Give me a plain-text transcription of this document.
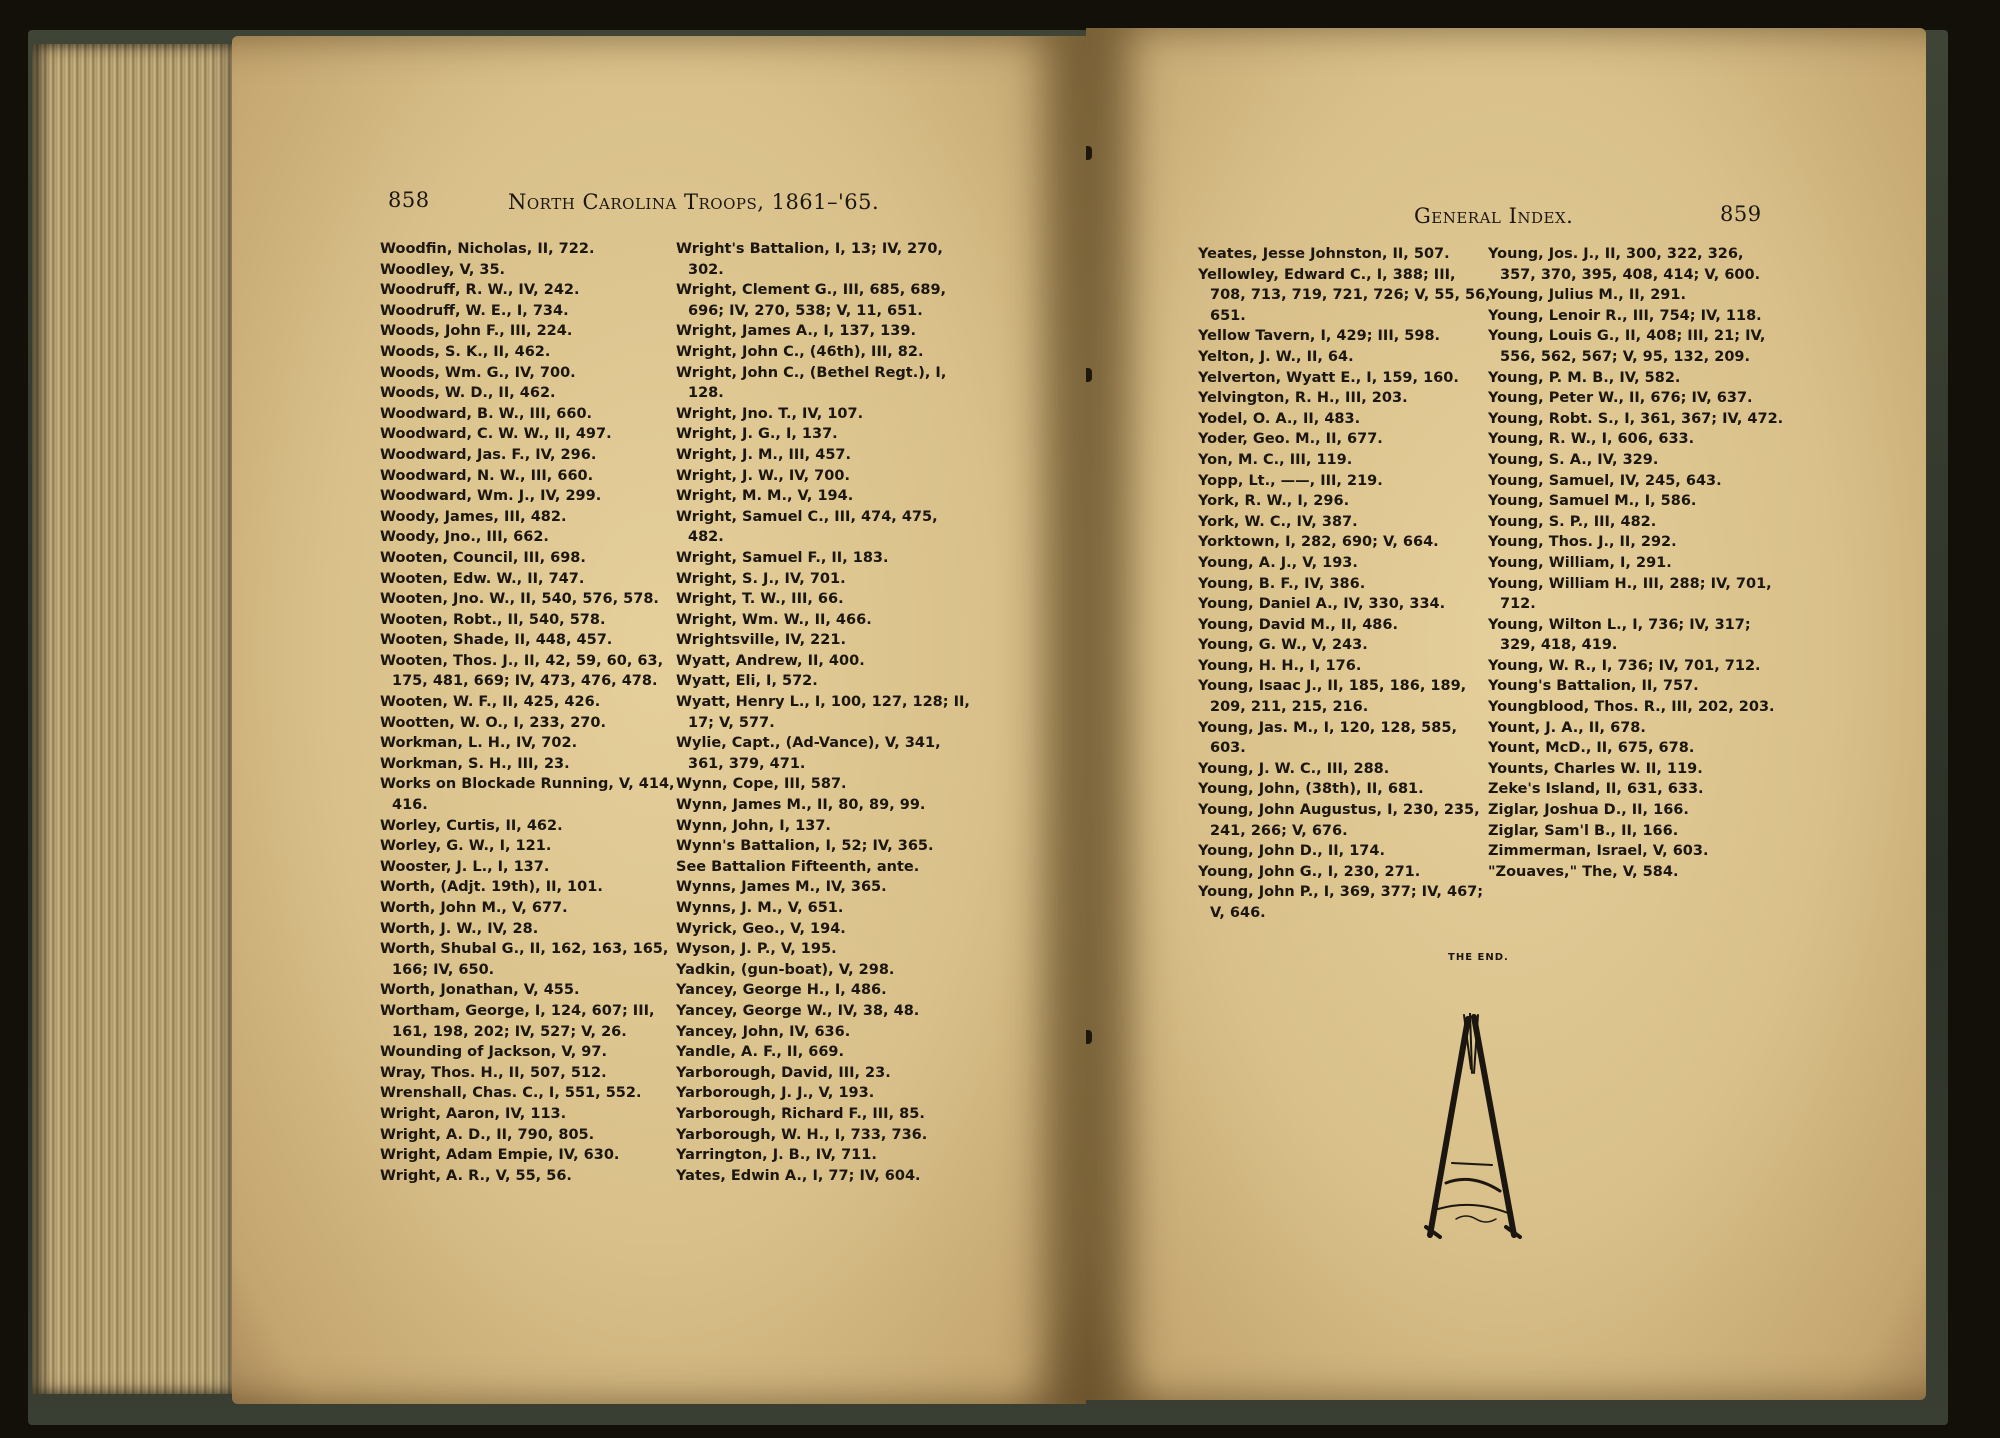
858	North Carolina Troops, 1861–'65.
Woodfin, Nicholas, II, 722.
Woodley, V, 35.
Woodruff, R. W., IV, 242.
Woodruff, W. E., I, 734.
Woods, John F., III, 224.
Woods, S. K., II, 462.
Woods, Wm. G., IV, 700.
Woods, W. D., II, 462.
Woodward, B. W., III, 660.
Woodward, C. W. W., II, 497.
Woodward, Jas. F., IV, 296.
Woodward, N. W., III, 660.
Woodward, Wm. J., IV, 299.
Woody, James, III, 482.
Woody, Jno., III, 662.
Wooten, Council, III, 698.
Wooten, Edw. W., II, 747.
Wooten, Jno. W., II, 540, 576, 578.
Wooten, Robt., II, 540, 578.
Wooten, Shade, II, 448, 457.
Wooten, Thos. J., II, 42, 59, 60, 63, 175, 481, 669; IV, 473, 476, 478.
Wooten, W. F., II, 425, 426.
Wootten, W. O., I, 233, 270.
Workman, L. H., IV, 702.
Workman, S. H., III, 23.
Works on Blockade Running, V, 414, 416.
Worley, Curtis, II, 462.
Worley, G. W., I, 121.
Wooster, J. L., I, 137.
Worth, (Adjt. 19th), II, 101.
Worth, John M., V, 677.
Worth, J. W., IV, 28.
Worth, Shubal G., II, 162, 163, 165, 166; IV, 650.
Worth, Jonathan, V, 455.
Wortham, George, I, 124, 607; III, 161, 198, 202; IV, 527; V, 26.
Wounding of Jackson, V, 97.
Wray, Thos. H., II, 507, 512.
Wrenshall, Chas. C., I, 551, 552.
Wright, Aaron, IV, 113.
Wright, A. D., II, 790, 805.
Wright, Adam Empie, IV, 630.
Wright, A. R., V, 55, 56.
Wright's Battalion, I, 13; IV, 270, 302.
Wright, Clement G., III, 685, 689, 696; IV, 270, 538; V, 11, 651.
Wright, James A., I, 137, 139.
Wright, John C., (46th), III, 82.
Wright, John C., (Bethel Regt.), I, 128.
Wright, Jno. T., IV, 107.
Wright, J. G., I, 137.
Wright, J. M., III, 457.
Wright, J. W., IV, 700.
Wright, M. M., V, 194.
Wright, Samuel C., III, 474, 475, 482.
Wright, Samuel F., II, 183.
Wright, S. J., IV, 701.
Wright, T. W., III, 66.
Wright, Wm. W., II, 466.
Wrightsville, IV, 221.
Wyatt, Andrew, II, 400.
Wyatt, Eli, I, 572.
Wyatt, Henry L., I, 100, 127, 128; II, 17; V, 577.
Wylie, Capt., (Ad-Vance), V, 341, 361, 379, 471.
Wynn, Cope, III, 587.
Wynn, James M., II, 80, 89, 99.
Wynn, John, I, 137.
Wynn's Battalion, I, 52; IV, 365.
See Battalion Fifteenth, ante.
Wynns, James M., IV, 365.
Wynns, J. M., V, 651.
Wyrick, Geo., V, 194.
Wyson, J. P., V, 195.
Yadkin, (gun-boat), V, 298.
Yancey, George H., I, 486.
Yancey, George W., IV, 38, 48.
Yancey, John, IV, 636.
Yandle, A. F., II, 669.
Yarborough, David, III, 23.
Yarborough, J. J., V, 193.
Yarborough, Richard F., III, 85.
Yarborough, W. H., I, 733, 736.
Yarrington, J. B., IV, 711.
Yates, Edwin A., I, 77; IV, 604.
General Index.	859
Yeates, Jesse Johnston, II, 507.
Yellowley, Edward C., I, 388; III, 708, 713, 719, 721, 726; V, 55, 56, 651.
Yellow Tavern, I, 429; III, 598.
Yelton, J. W., II, 64.
Yelverton, Wyatt E., I, 159, 160.
Yelvington, R. H., III, 203.
Yodel, O. A., II, 483.
Yoder, Geo. M., II, 677.
Yon, M. C., III, 119.
Yopp, Lt., ——, III, 219.
York, R. W., I, 296.
York, W. C., IV, 387.
Yorktown, I, 282, 690; V, 664.
Young, A. J., V, 193.
Young, B. F., IV, 386.
Young, Daniel A., IV, 330, 334.
Young, David M., II, 486.
Young, G. W., V, 243.
Young, H. H., I, 176.
Young, Isaac J., II, 185, 186, 189, 209, 211, 215, 216.
Young, Jas. M., I, 120, 128, 585, 603.
Young, J. W. C., III, 288.
Young, John, (38th), II, 681.
Young, John Augustus, I, 230, 235, 241, 266; V, 676.
Young, John D., II, 174.
Young, John G., I, 230, 271.
Young, John P., I, 369, 377; IV, 467; V, 646.
Young, Jos. J., II, 300, 322, 326, 357, 370, 395, 408, 414; V, 600.
Young, Julius M., II, 291.
Young, Lenoir R., III, 754; IV, 118.
Young, Louis G., II, 408; III, 21; IV, 556, 562, 567; V, 95, 132, 209.
Young, P. M. B., IV, 582.
Young, Peter W., II, 676; IV, 637.
Young, Robt. S., I, 361, 367; IV, 472.
Young, R. W., I, 606, 633.
Young, S. A., IV, 329.
Young, Samuel, IV, 245, 643.
Young, Samuel M., I, 586.
Young, S. P., III, 482.
Young, Thos. J., II, 292.
Young, William, I, 291.
Young, William H., III, 288; IV, 701, 712.
Young, Wilton L., I, 736; IV, 317; 329, 418, 419.
Young, W. R., I, 736; IV, 701, 712.
Young's Battalion, II, 757.
Youngblood, Thos. R., III, 202, 203.
Yount, J. A., II, 678.
Yount, McD., II, 675, 678.
Younts, Charles W. II, 119.
Zeke's Island, II, 631, 633.
Ziglar, Joshua D., II, 166.
Ziglar, Sam'l B., II, 166.
Zimmerman, Israel, V, 603.
"Zouaves," The, V, 584.
THE END.
